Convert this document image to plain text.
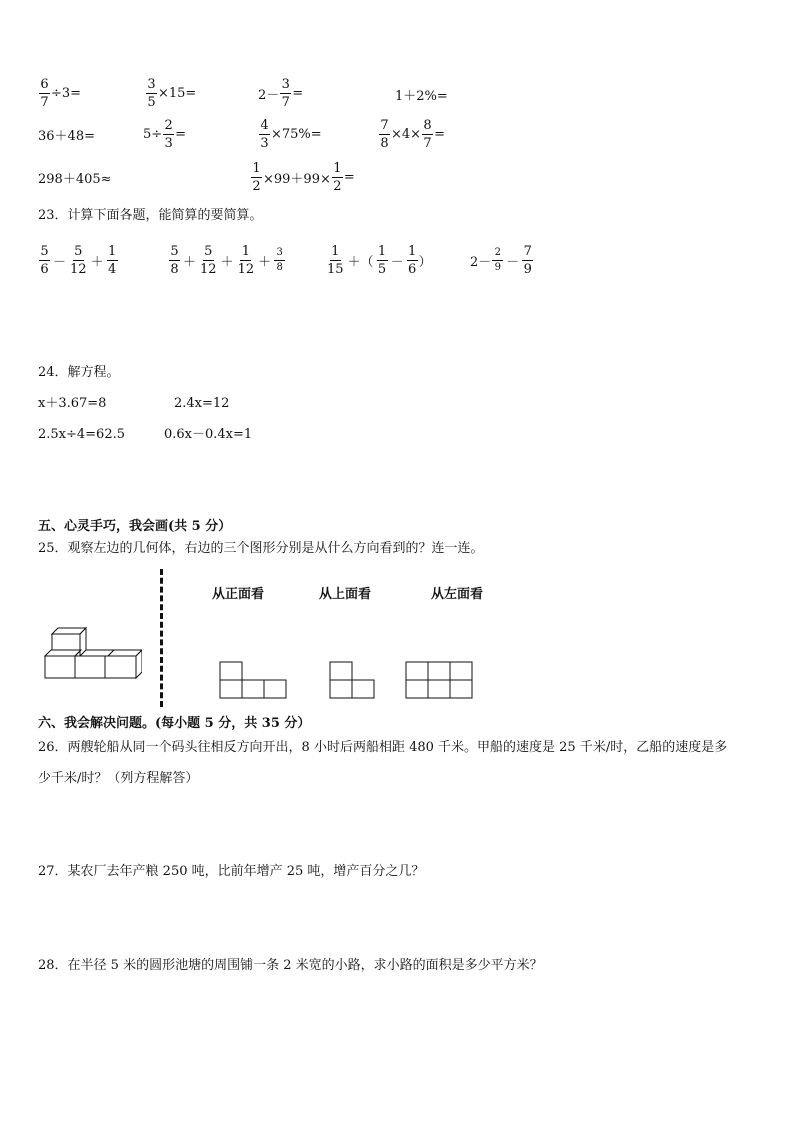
$\frac{6}{7} \div 3=$	$\frac{3}{5} \times 15=$	$2- \frac{3}{7}$ =	1＋2%=
36＋48=	$5\div \frac{2}{3}$ =	$\frac{4}{3} \times 75\%=$	$\frac{7}{8} \times 4\times \frac{8}{7}$ =
298＋405≈	$\frac{1}{2} \times 99+99\times \frac{1}{2}$ =
23．计算下面各题，能简算的要简算。
$\frac{5}{6} - \frac{5}{12} + \frac{1}{4}$	$\frac{5}{8} + \frac{5}{12} + \frac{1}{12} + \frac{3}{8}$	$\frac{1}{15}$ ＋（ $\frac{1}{5} - \frac{1}{6}$ ）	$2- \frac{2}{9} - \frac{7}{9}$
24．解方程。
x＋3.67=8	2.4x=12
2.5x÷4=62.5	0.6x－0.4x=1
五、心灵手巧，我会画(共 5 分）
25．观察左边的几何体，右边的三个图形分别是从什么方向看到的？连一连。
从正面看	从上面看	从左面看
六、我会解决问题。(每小题 5 分，共 35 分）
26．两艘轮船从同一个码头往相反方向开出，8 小时后两船相距 480 千米。甲船的速度是 25 千米/时，乙船的速度是多
少千米/时？（列方程解答）
27．某农厂去年产粮 250 吨，比前年增产 25 吨，增产百分之几？
28．在半径 5 米的圆形池塘的周围铺一条 2 米宽的小路，求小路的面积是多少平方米？
